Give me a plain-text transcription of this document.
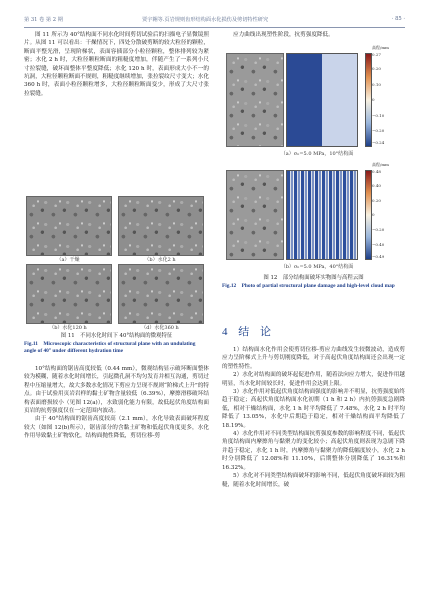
第 31 卷 第 2 期	贾宇翱等.页岩规则齿形结构面水化损伤及剪切特性研究	· 85 ·

图 11 所示为 40°结构面不同水化时间剪切试验后的扫描电子显微镜照片。从图 11 可以看出：干燥情况下，四处分散破剪断的较大粒径的颗粒，断面平整光滑，呈现阶梯状，表面容插部分小粒径颗粒，整体排列较为紧密；水化 2 h 时，大粒径颗粒断面的粗糙度增加，伴随产生了一系列小尺寸拉裂缝，破坏面整体平整度降低；水化 120 h 时，表面形成大小不一的坑洞，大粒径颗粒断面不规则，粗糙度继续增加，张拉裂纹尺寸变大；水化 360 h 时，表面小粒径颗粒增多，大粒径颗粒断面变少，形成了大尺寸张拉裂缝。

（a）干燥	（b）水化2 h
（b）水化120 h	（d）水化360 h
图 11　不同水化时间下 40°结构面的微观特征
Fig.11　Microscopic characteristics of structural plane with an undulating angle of 40° under different hydration time

10°结构面的锯齿高度较低（0.44 mm），微观结构显示破坏断面整体较为模糊，随着水化时间增长，引起微孔洞不均匀发育并相互沟通，剪切过程中压缩量增大，故大多数水化情况下剪应力呈现不规则“阶梯式上升”的特点。由于试验用页岩岩样的黏土矿物含量较低（6.39%），摩擦滑移破坏结构表面磨损较小（见图 12(a)），水致弱化能力有限，故低起伏角度结构面页岩的抗剪强度仅在一定范围内波动。

由于 40°结构面的锯齿高度较高（2.1 mm），水化导致表面破坏程度较大（如图 12(b)所示），锯齿部分的含黏土矿物和低起伏角度更多，水化作用导致黏土矿物软化，结构面抛性降低，剪切位移-剪

应力曲线出现塑性阶段，抗剪强度降低。

高程/mm
0.27
0.20
0.10
0
−0.10
−0.20
−0.24
（a）σₙ=5.0 MPa，10°结构面
高程/mm
0.48
0.40
0.20
0
−0.20
−0.40
−0.49
（b）σₙ=5.0 MPa，40°结构面
图 12　部分结构面破坏实物图与高程云图
Fig.12　Photo of partial structural plane damage and high-level cloud map
4 结 论

1）结构面水化作用会使剪切位移-剪应力曲线发生较微波动，造成剪应力呈阶梯式上升与剪切刚度降低，对于高起伏角度结构面还会出现一定的塑性特性。

2）水化对结构面的破坏起促进作用，随着法向应力增大，促进作用越明显，当水化时间较长时，促进作用会达到上限。

3）水化作用对低起伏角度结构面强度的影响并不明显，抗剪强度始终趋于稳定；高起伏角度结构面水化初期（1 h 和 2 h）内抗剪强度急剧降低，相对干燥结构面，水化 1 h 时平均降低了 7.48%，水化 2 h 时平均降低了 13.05%，水化中后期趋于稳定，相对干燥结构面平均降低了 18.19%。

4）水化作用对不同类型结构面抗剪强度参数的影响程度不同，低起伏角度结构面内摩擦角与黏聚力的变化较小；高起伏角度则表现为急剧下降并趋于稳定，水化 1 h 时，内摩擦角与黏聚力的降低幅度较小，水化 2 h 时分别降低了 12.08%和 11.10%，后期整体分别降低了 16.31%和 16.32%。

5）水化对不同类型结构面破坏的影响不同，低起伏角度破坏面较为粗糙，随着水化时间增长，破
